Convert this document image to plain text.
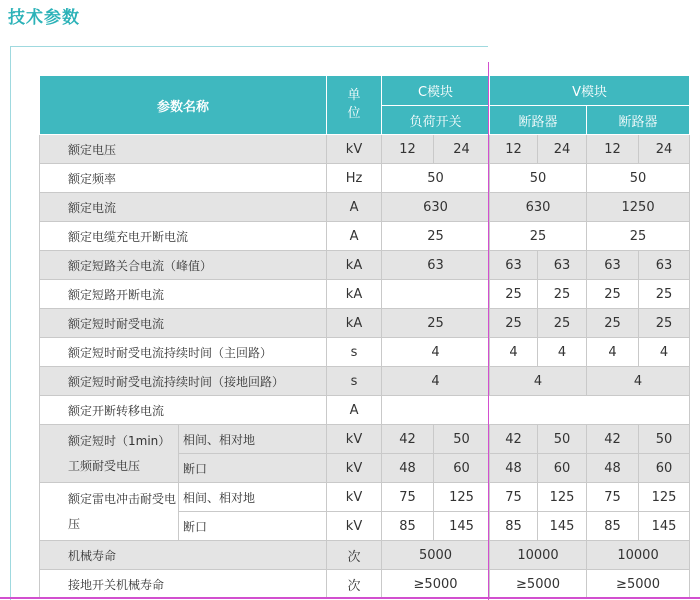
技术参数
参数名称		单位	C模块		V模块			
			负荷开关		断路器		断路器	
额定电压		kV	12	24	12	24	12	24
额定频率		Hz	50		50		50	
额定电流		A	630		630		1250	
额定电缆充电开断电流		A	25		25		25	
额定短路关合电流（峰值）		kA	63		63	63	63	63
额定短路开断电流		kA			25	25	25	25
额定短时耐受电流		kA	25		25	25	25	25
额定短时耐受电流持续时间（主回路）		s	4		4	4	4	4
额定短时耐受电流持续时间（接地回路）		s	4		4		4	
额定开断转移电流		A						
额定短时（1min）工频耐受电压	相间、相对地	kV	42	50	42	50	42	50
	断口	kV	48	60	48	60	48	60
额定雷电冲击耐受电压	相间、相对地	kV	75	125	75	125	75	125
	断口	kV	85	145	85	145	85	145
机械寿命		次	5000		10000		10000	
接地开关机械寿命		次	≥5000		≥5000		≥5000	
